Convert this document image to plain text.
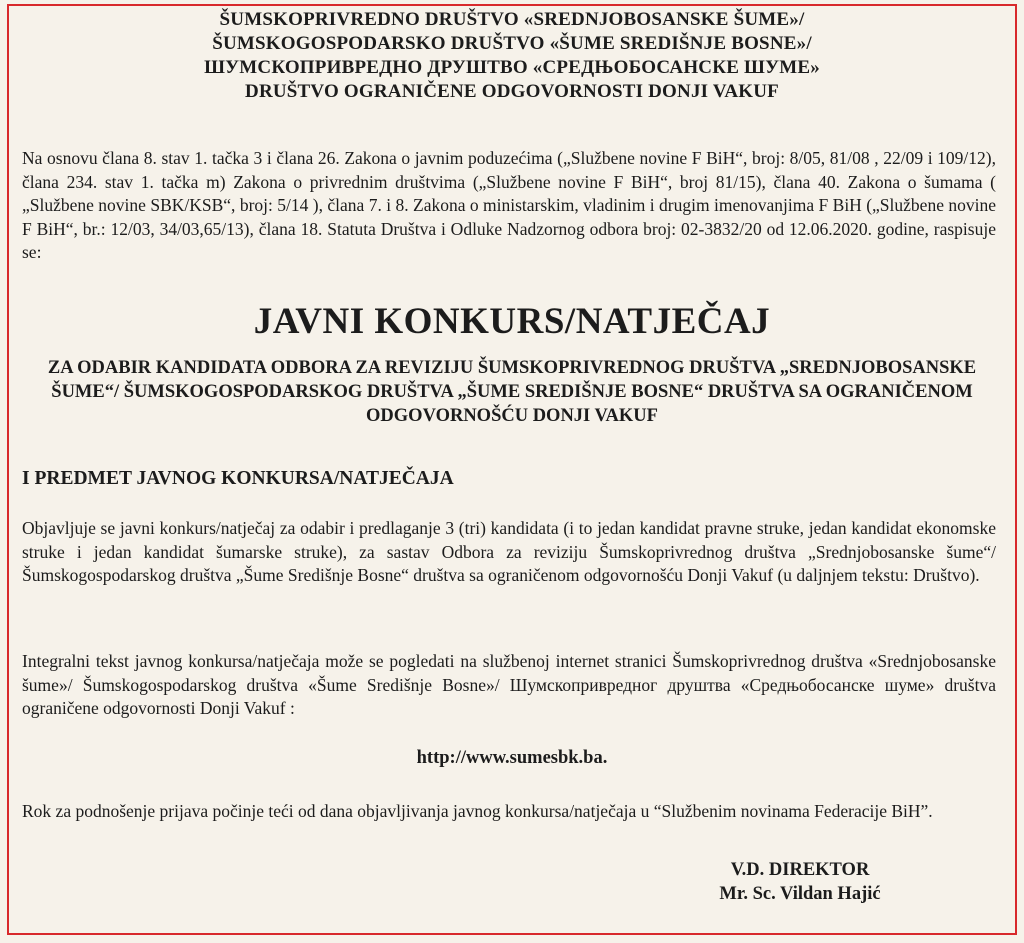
ŠUMSKOPRIVREDNO DRUŠTVO «SREDNJOBOSANSKE ŠUME»/
ŠUMSKOGOSPODARSKO DRUŠTVO «ŠUME SREDIŠNJE BOSNE»/
ШУМСКОПРИВРЕДНО ДРУШТВО «СРЕДЊОБОСАНСКЕ ШУМЕ»
DRUŠTVO OGRANIČENE ODGOVORNOSTI DONJI VAKUF
Na osnovu člana 8. stav 1. tačka 3 i člana 26. Zakona o javnim poduzećima („Službene novine F BiH“, broj: 8/05, 81/08 , 22/09 i 109/12), člana 234. stav 1. tačka m) Zakona o privrednim društvima („Službene novine F BiH“, broj 81/15), člana 40. Zakona o šumama ( „Službene novine SBK/KSB“, broj: 5/14 ), člana 7. i 8. Zakona o ministarskim, vladinim i drugim imenovanjima F BiH („Službene novine F BiH“, br.: 12/03, 34/03,65/13), člana 18. Statuta Društva i Odluke Nadzornog odbora broj: 02-3832/20 od 12.06.2020. godine, raspisuje se:
JAVNI KONKURS/NATJEČAJ
ZA ODABIR KANDIDATA ODBORA ZA REVIZIJU ŠUMSKOPRIVREDNOG DRUŠTVA „SREDNJOBOSANSKE ŠUME“/ ŠUMSKOGOSPODARSKOG DRUŠTVA „ŠUME SREDIŠNJE BOSNE“ DRUŠTVA SA OGRANIČENOM ODGOVORNOŠĆU DONJI VAKUF
I PREDMET JAVNOG KONKURSA/NATJEČAJA
Objavljuje se javni konkurs/natječaj za odabir i predlaganje 3 (tri) kandidata (i to jedan kandidat pravne struke, jedan kandidat ekonomske struke i jedan kandidat šumarske struke), za sastav Odbora za reviziju Šumskoprivrednog društva „Srednjobosanske šume“/ Šumskogospodarskog društva „Šume Središnje Bosne“ društva sa ograničenom odgovornošću Donji Vakuf (u daljnjem tekstu: Društvo).
Integralni tekst javnog konkursa/natječaja može se pogledati na službenoj internet stranici Šumskoprivrednog društva «Srednjobosanske šume»/ Šumskogospodarskog društva «Šume Središnje Bosne»/ Шумскопривредног друштва «Средњобосанске шуме» društva ograničene odgovornosti Donji Vakuf :
http://www.sumesbk.ba.
Rok za podnošenje prijava počinje teći od dana objavljivanja javnog konkursa/natječaja u “Službenim novinama Federacije BiH”.
V.D. DIREKTOR
Mr. Sc. Vildan Hajić
